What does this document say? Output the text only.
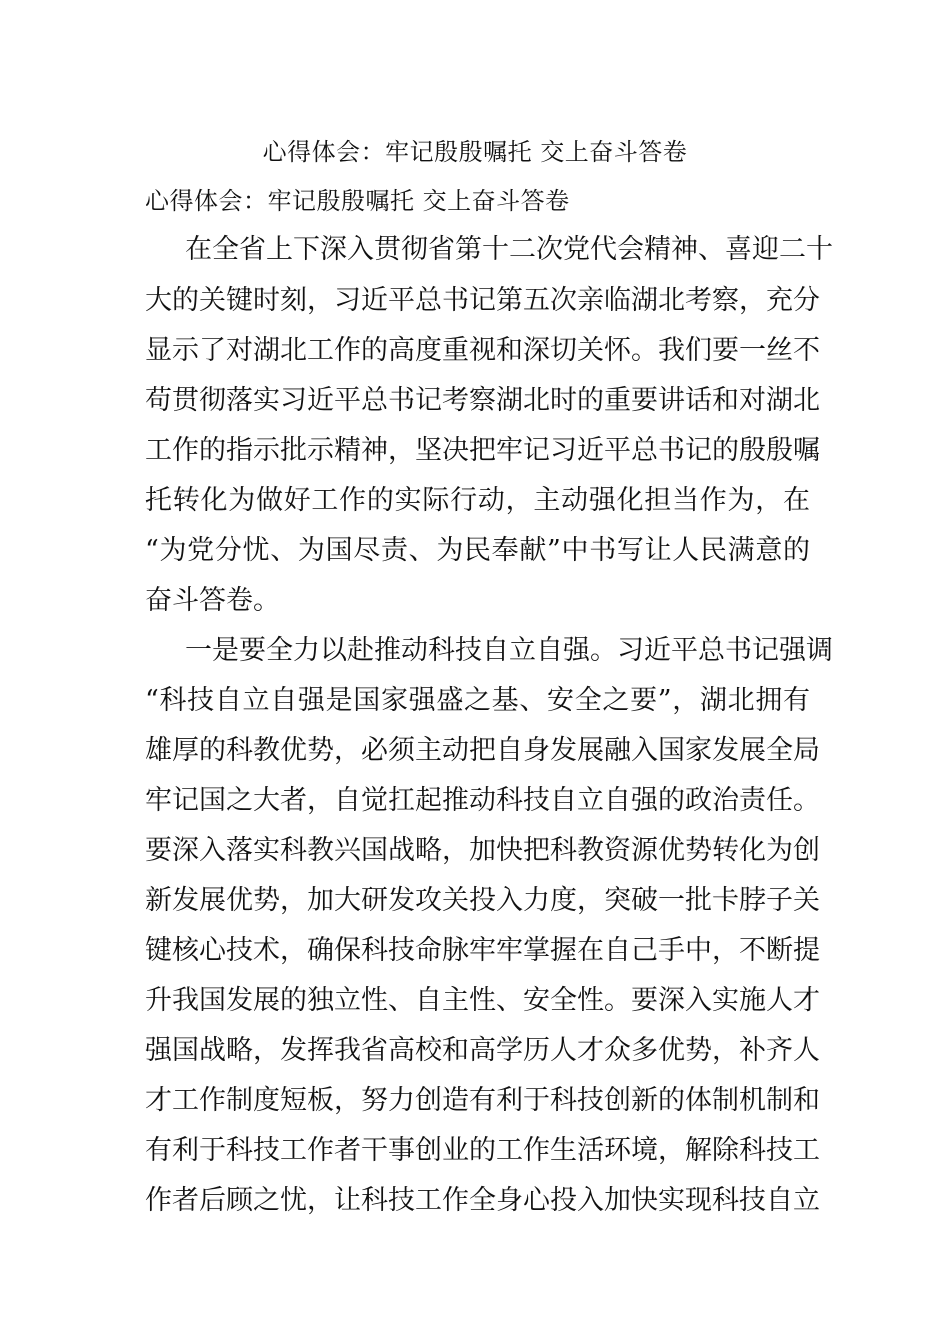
心得体会：牢记殷殷嘱托 交上奋斗答卷
心得体会：牢记殷殷嘱托 交上奋斗答卷
在全省上下深入贯彻省第十二次党代会精神、喜迎二十
大的关键时刻，习近平总书记第五次亲临湖北考察，充分
显示了对湖北工作的高度重视和深切关怀。我们要一丝不
苟贯彻落实习近平总书记考察湖北时的重要讲话和对湖北
工作的指示批示精神，坚决把牢记习近平总书记的殷殷嘱
托转化为做好工作的实际行动，主动强化担当作为，在
“为党分忧、为国尽责、为民奉献”中书写让人民满意的
奋斗答卷。
一是要全力以赴推动科技自立自强。习近平总书记强调
“科技自立自强是国家强盛之基、安全之要”，湖北拥有
雄厚的科教优势，必须主动把自身发展融入国家发展全局
牢记国之大者，自觉扛起推动科技自立自强的政治责任。
要深入落实科教兴国战略，加快把科教资源优势转化为创
新发展优势，加大研发攻关投入力度，突破一批卡脖子关
键核心技术，确保科技命脉牢牢掌握在自己手中，不断提
升我国发展的独立性、自主性、安全性。要深入实施人才
强国战略，发挥我省高校和高学历人才众多优势，补齐人
才工作制度短板，努力创造有利于科技创新的体制机制和
有利于科技工作者干事创业的工作生活环境，解除科技工
作者后顾之忧，让科技工作全身心投入加快实现科技自立
